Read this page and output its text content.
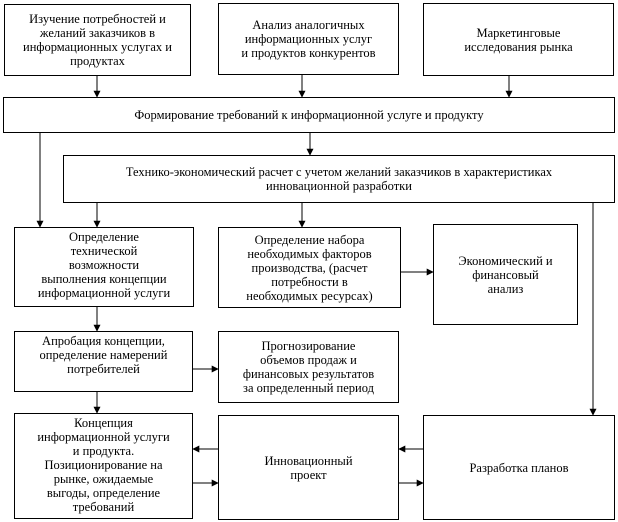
Изучение потребностей и
желаний заказчиков в
информационных услугах и
продуктах
Анализ аналогичных
информационных услуг
и продуктов конкурентов
Маркетинговые
исследования рынка
Формирование требований к информационной услуге и продукту
Технико-экономический расчет с учетом желаний заказчиков в характеристиках
инновационной разработки
Определение
технической
возможности
выполнения концепции
информационной услуги
Определение набора
необходимых факторов
производства, (расчет
потребности в
необходимых ресурсах)
Экономический и
финансовый
анализ
Апробация концепции,
определение намерений
потребителей
Прогнозирование
объемов продаж и
финансовых результатов
за определенный период
Концепция
информационной услуги
и продукта.
Позиционирование на
рынке, ожидаемые
выгоды, определение
требований
Инновационный
проект	Разработка планов
